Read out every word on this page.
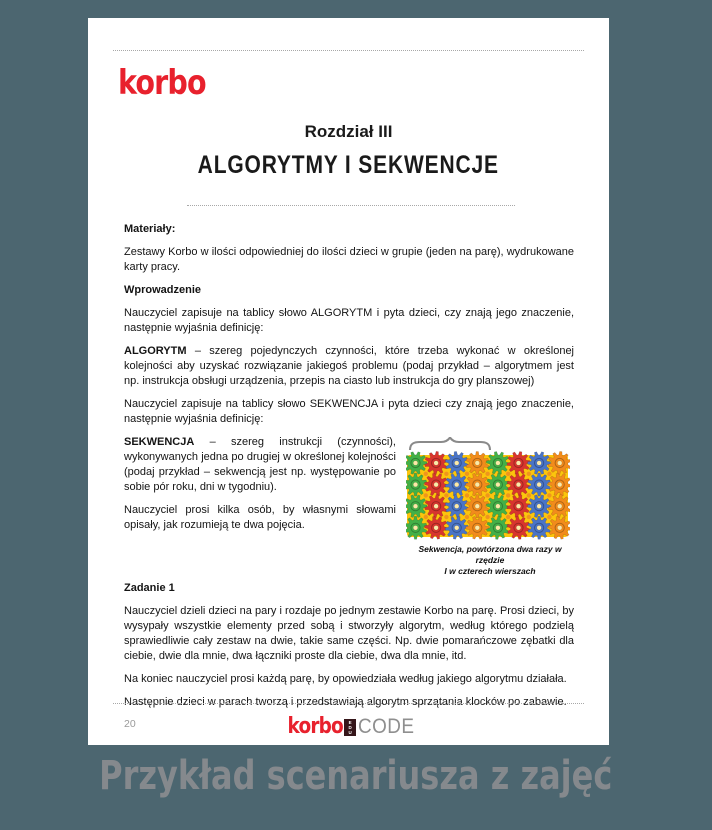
korbo
Rozdział III
ALGORYTMY I SEKWENCJE

Materiały:

Zestawy Korbo w ilości odpowiedniej do ilości dzieci w grupie (jeden na parę), wydrukowane karty pracy.

Wprowadzenie

Nauczyciel zapisuje na tablicy słowo ALGORYTM i pyta dzieci, czy znają jego znaczenie, następnie wyjaśnia definicję:

ALGORYTM – szereg pojedynczych czynności, które trzeba wykonać w określonej kolejności aby uzyskać rozwiązanie jakiegoś problemu (podaj przykład – algorytmem jest np. instrukcja obsługi urządzenia, przepis na ciasto lub instrukcja do gry planszowej)

Nauczyciel zapisuje na tablicy słowo SEKWENCJA i pyta dzieci czy znają jego znaczenie, następnie wyjaśnia definicję:

Sekwencja, powtórzona dwa razy w rzędzie
I w czterech wierszach

SEKWENCJA – szereg instrukcji (czynności), wykonywanych jedna po drugiej w określonej kolejności (podaj przykład – sekwencją jest np. występowanie po sobie pór roku, dni w tygodniu).

Nauczyciel prosi kilka osób, by własnymi słowami opisały, jak rozumieją te dwa pojęcia.

Zadanie 1

Nauczyciel dzieli dzieci na pary i rozdaje po jednym zestawie Korbo na parę. Prosi dzieci, by wysypały wszystkie elementy przed sobą i stworzyły algorytm, według którego podzielą sprawiedliwie cały zestaw na dwie, takie same części. Np. dwie pomarańczowe zębatki dla ciebie, dwie dla mnie, dwa łączniki proste dla ciebie, dwa dla mnie, itd.

Na koniec nauczyciel prosi każdą parę, by opowiedziała według jakiego algorytmu działała.

Następnie dzieci w parach tworzą i przedstawiają algorytm sprzątania klocków po zabawie.

20	korbo	EDU CODE
Przykład scenariusza z zajęć
